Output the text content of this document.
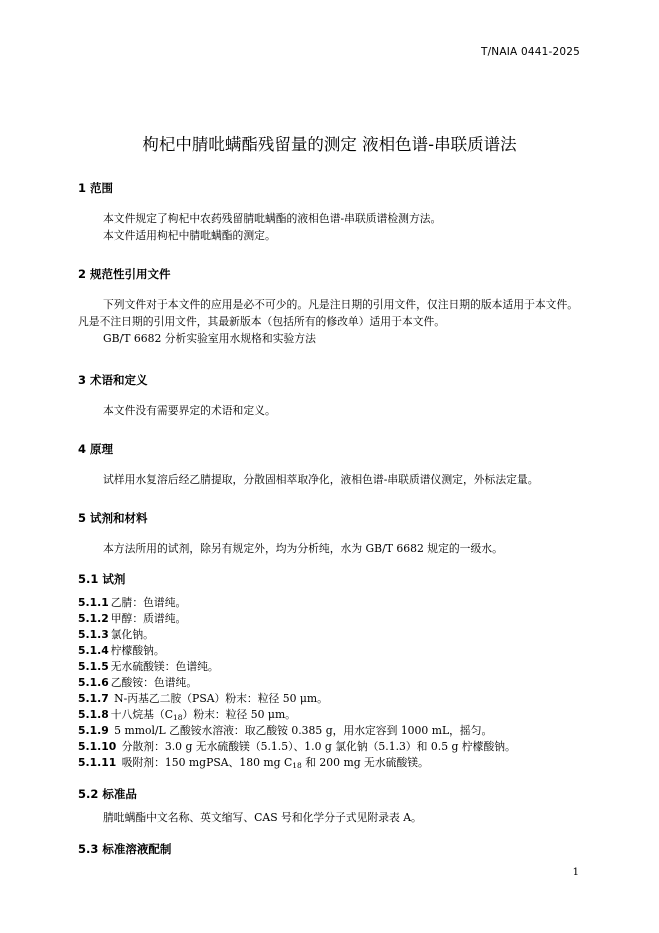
T/NAIA 0441-2025
枸杞中腈吡螨酯残留量的测定 液相色谱-串联质谱法
1 范围

本文件规定了枸杞中农药残留腈吡螨酯的液相色谱-串联质谱检测方法。

本文件适用枸杞中腈吡螨酯的测定。

2 规范性引用文件

下列文件对于本文件的应用是必不可少的。凡是注日期的引用文件，仅注日期的版本适用于本文件。凡是不注日期的引用文件，其最新版本（包括所有的修改单）适用于本文件。

GB/T 6682 分析实验室用水规格和实验方法

3 术语和定义

本文件没有需要界定的术语和定义。

4 原理

试样用水复溶后经乙腈提取，分散固相萃取净化，液相色谱-串联质谱仪测定，外标法定量。

5 试剂和材料

本方法所用的试剂，除另有规定外，均为分析纯，水为 GB/T 6682 规定的一级水。

5.1 试剂

5.1.1 乙腈：色谱纯。

5.1.2 甲醇：质谱纯。

5.1.3 氯化钠。

5.1.4 柠檬酸钠。

5.1.5 无水硫酸镁：色谱纯。

5.1.6 乙酸铵：色谱纯。

5.1.7 N-丙基乙二胺（PSA）粉末：粒径 50 μm。

5.1.8 十八烷基$(C_{18})$粉末：粒径 50 μm。

5.1.9 5 mmol/L 乙酸铵水溶液：取乙酸铵 0.385 g，用水定容到 1000 mL，摇匀。

5.1.10 分散剂：3.0 g 无水硫酸镁（5.1.5）、1.0 g 氯化钠（5.1.3）和 0.5 g 柠檬酸钠。

5.1.11 吸附剂：150 mgPSA、180 mg $C_{18}$ 和 200 mg 无水硫酸镁。

5.2 标准品

腈吡螨酯中文名称、英文缩写、CAS 号和化学分子式见附录表 A。

5.3 标准溶液配制
1
